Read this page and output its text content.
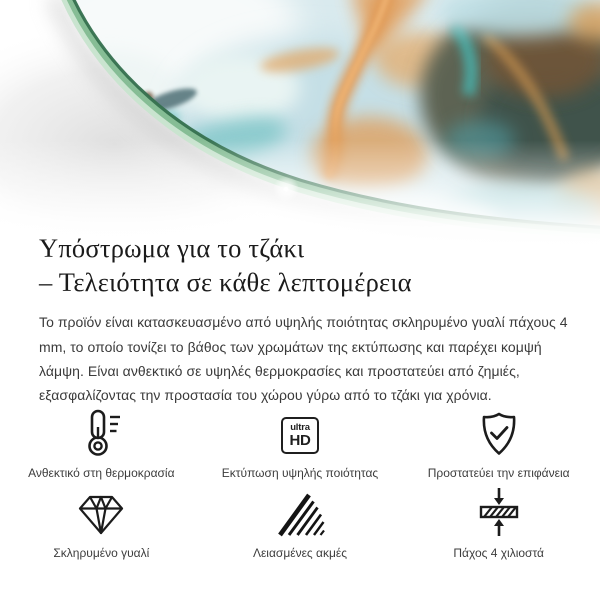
Υπόστρωμα για το τζάκι
– Τελειότητα σε κάθε λεπτομέρεια

Το προϊόν είναι κατασκευασμένο από υψηλής ποιότητας σκληρυμένο γυαλί πάχους 4 mm, το οποίο τονίζει το βάθος των χρωμάτων της εκτύπωσης και παρέχει κομψή λάμψη. Είναι ανθεκτικό σε υψηλές θερμοκρασίες και προστατεύει από ζημιές, εξασφαλίζοντας την προστασία του χώρου γύρω από το τζάκι για χρόνια.

Ανθεκτικό στη θερμοκρασία
ultra
HD
Εκτύπωση υψηλής ποιότητας	Προστατεύει την επιφάνεια
Σκληρυμένο γυαλί	Λειασμένες ακμές	Πάχος 4 χιλιοστά
